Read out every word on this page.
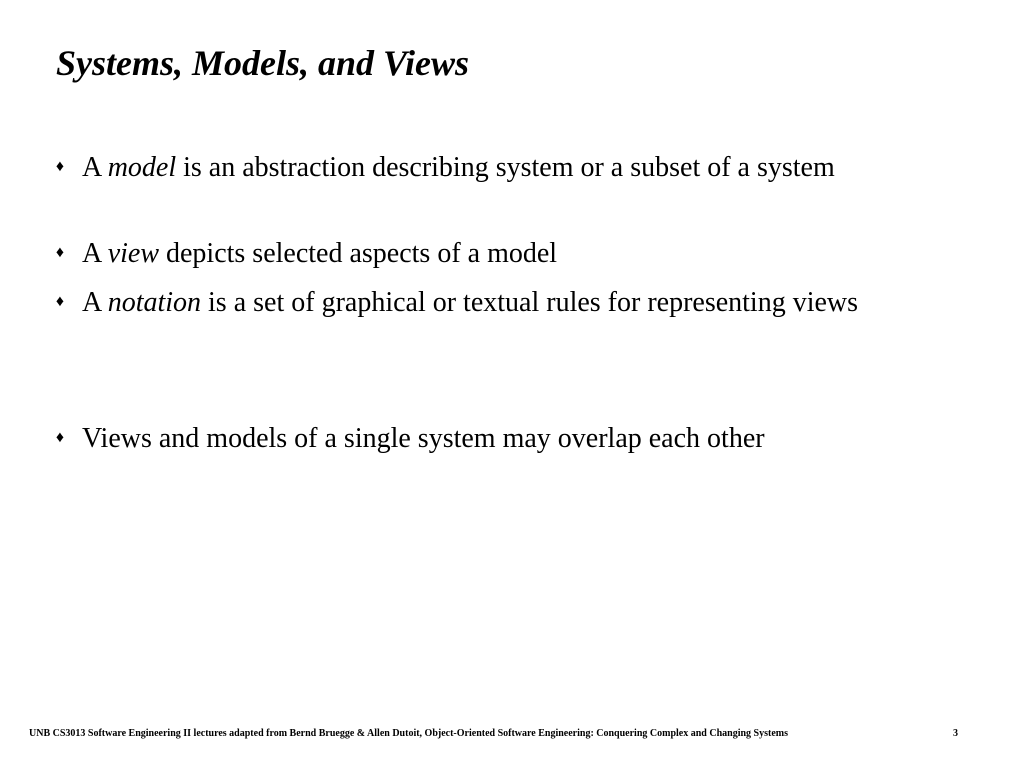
Systems, Models, and Views
♦ A model is an abstraction describing system or a subset of a system
♦ A view depicts selected aspects of a model
♦ A notation is a set of graphical or textual rules for representing views
♦ Views and models of a single system may overlap each other
UNB CS3013 Software Engineering II lectures adapted from Bernd Bruegge & Allen Dutoit, Object-Oriented Software Engineering: Conquering Complex and Changing Systems	3
